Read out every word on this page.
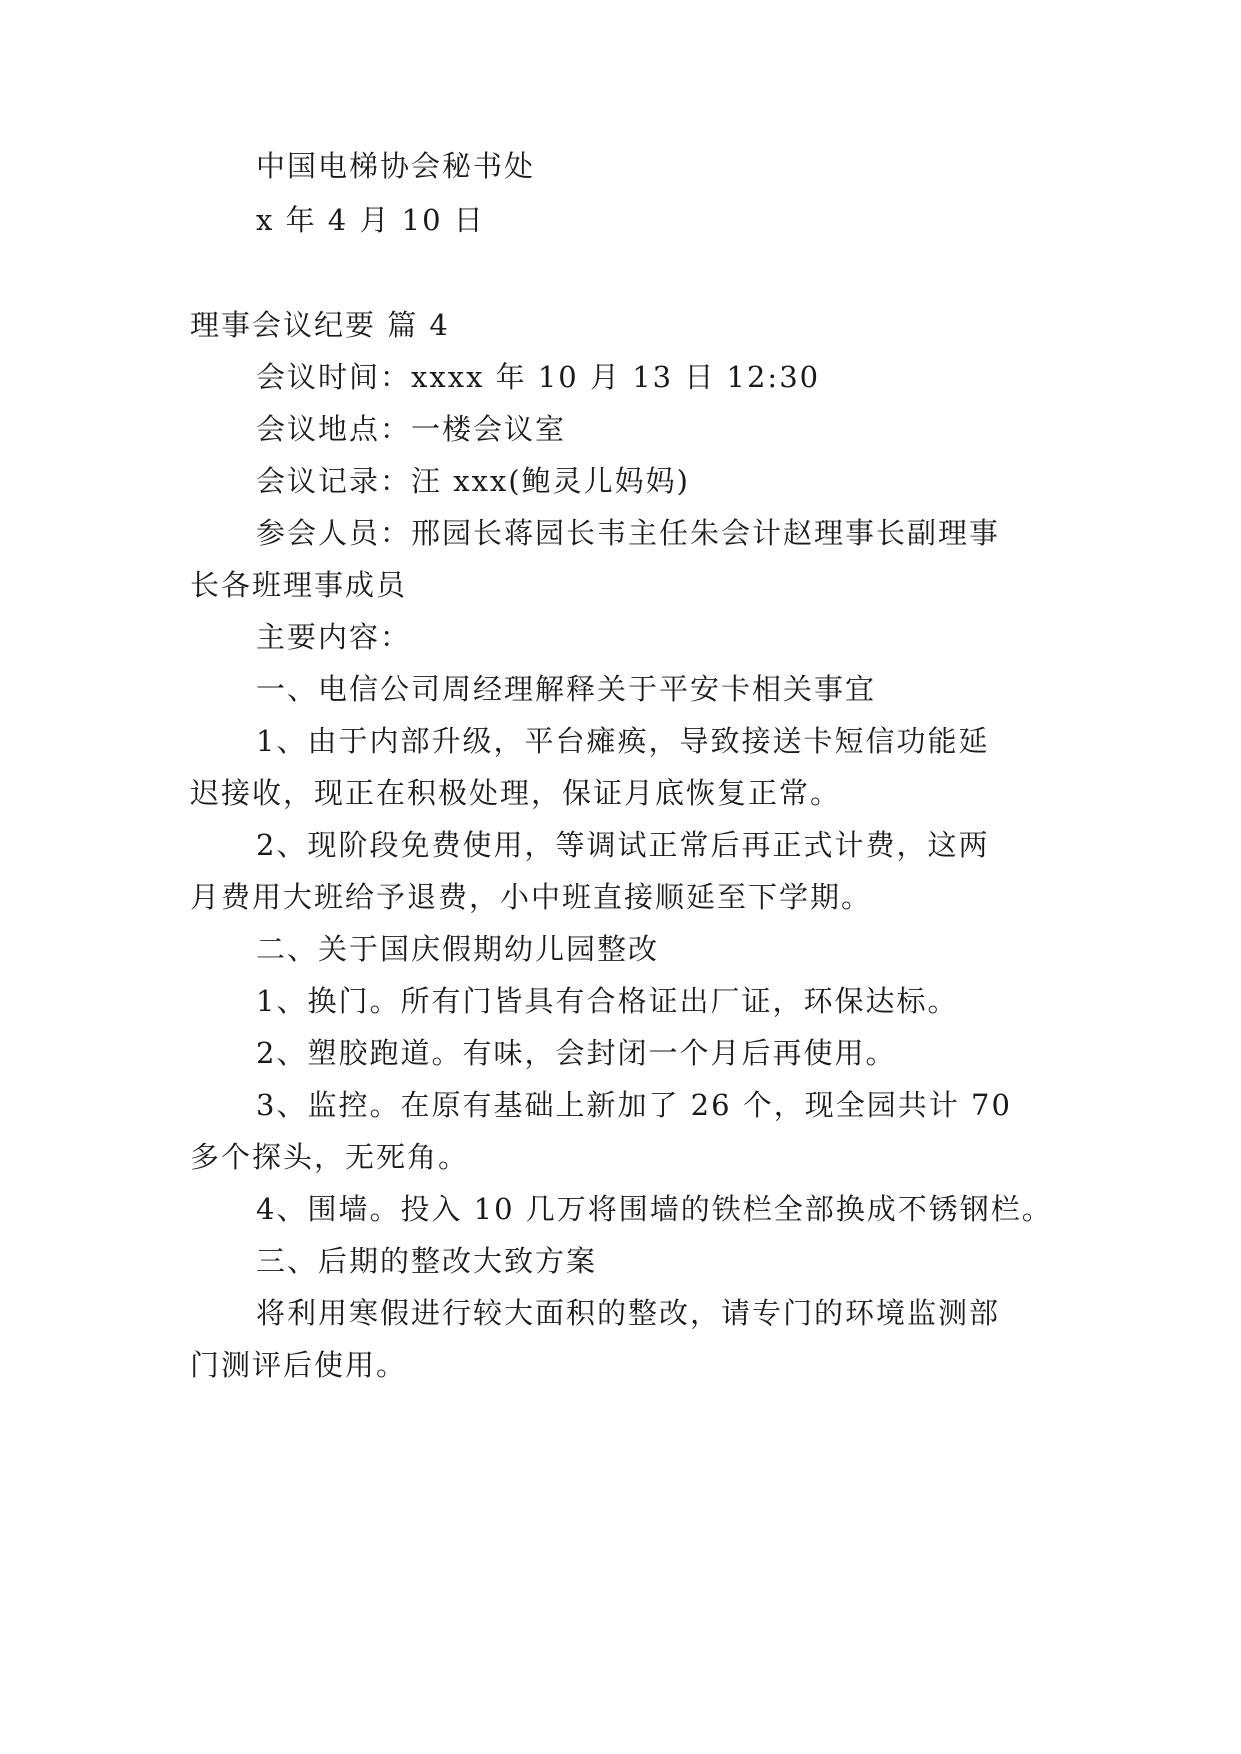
中国电梯协会秘书处
x 年 4 月 10 日
理事会议纪要 篇 4
会议时间：xxxx 年 10 月 13 日 12:30
会议地点：一楼会议室
会议记录：汪 xxx(鲍灵儿妈妈)
参会人员：邢园长蒋园长韦主任朱会计赵理事长副理事
长各班理事成员
主要内容：
一、电信公司周经理解释关于平安卡相关事宜
1、由于内部升级，平台瘫痪，导致接送卡短信功能延
迟接收，现正在积极处理，保证月底恢复正常。
2、现阶段免费使用，等调试正常后再正式计费，这两
月费用大班给予退费，小中班直接顺延至下学期。
二、关于国庆假期幼儿园整改
1、换门。所有门皆具有合格证出厂证，环保达标。
2、塑胶跑道。有味，会封闭一个月后再使用。
3、监控。在原有基础上新加了 26 个，现全园共计 70
多个探头，无死角。
4、围墙。投入 10 几万将围墙的铁栏全部换成不锈钢栏。
三、后期的整改大致方案
将利用寒假进行较大面积的整改，请专门的环境监测部
门测评后使用。
